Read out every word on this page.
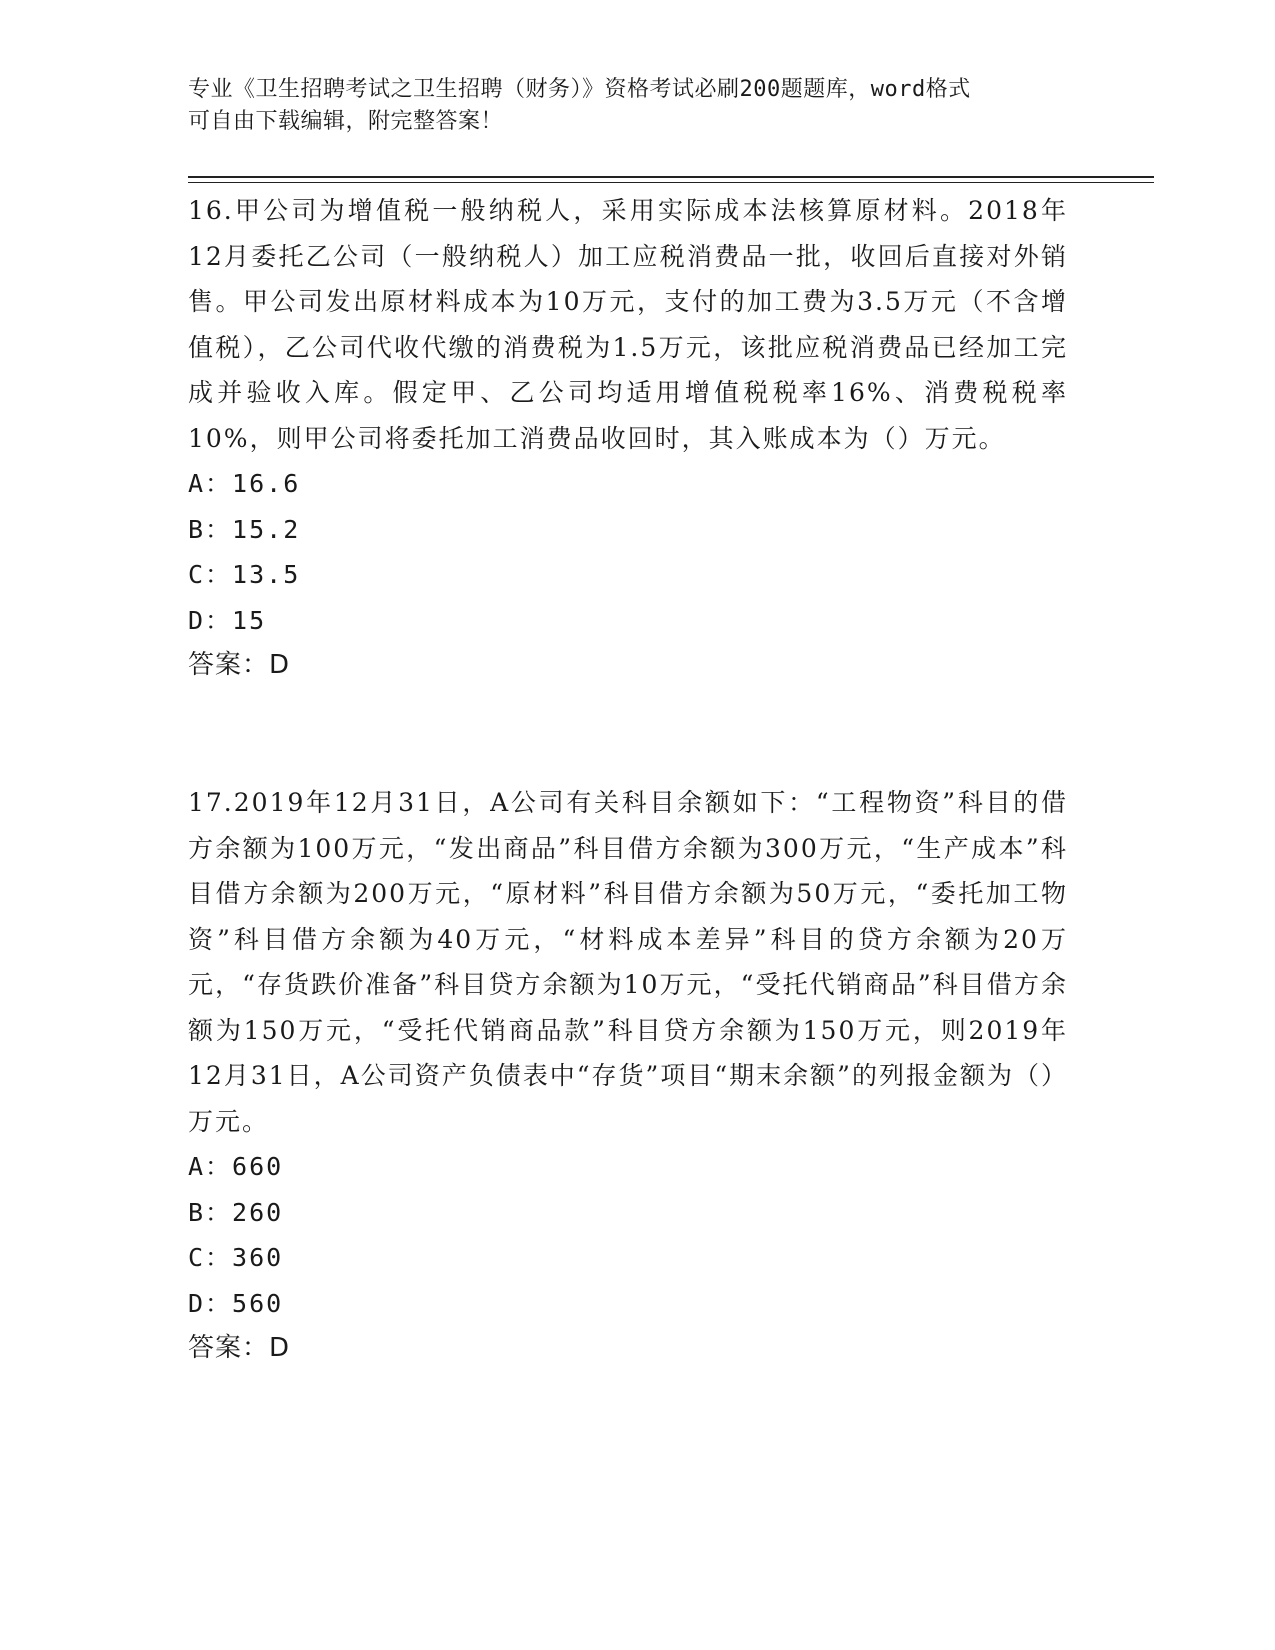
专业《卫生招聘考试之卫生招聘（财务）》资格考试必刷200题题库，word格式
可自由下载编辑，附完整答案！

16.甲公司为增值税一般纳税人，采用实际成本法核算原材料。2018年12月委托乙公司（一般纳税人）加工应税消费品一批，收回后直接对外销售。甲公司发出原材料成本为10万元，支付的加工费为3.5万元（不含增值税），乙公司代收代缴的消费税为1.5万元，该批应税消费品已经加工完成并验收入库。假定甲、乙公司均适用增值税税率16%、消费税税率10%，则甲公司将委托加工消费品收回时，其入账成本为（）万元。

A：16.6

B：15.2

C：13.5

D：15

答案：D

17.2019年12月31日，A公司有关科目余额如下：“工程物资”科目的借方余额为100万元，“发出商品”科目借方余额为300万元，“生产成本”科目借方余额为200万元，“原材料”科目借方余额为50万元，“委托加工物资”科目借方余额为40万元，“材料成本差异”科目的贷方余额为20万元，“存货跌价准备”科目贷方余额为10万元，“受托代销商品”科目借方余额为150万元，“受托代销商品款”科目贷方余额为150万元，则2019年12月31日，A公司资产负债表中“存货”项目“期末余额”的列报金额为（）万元。

A：660

B：260

C：360

D：560

答案：D
